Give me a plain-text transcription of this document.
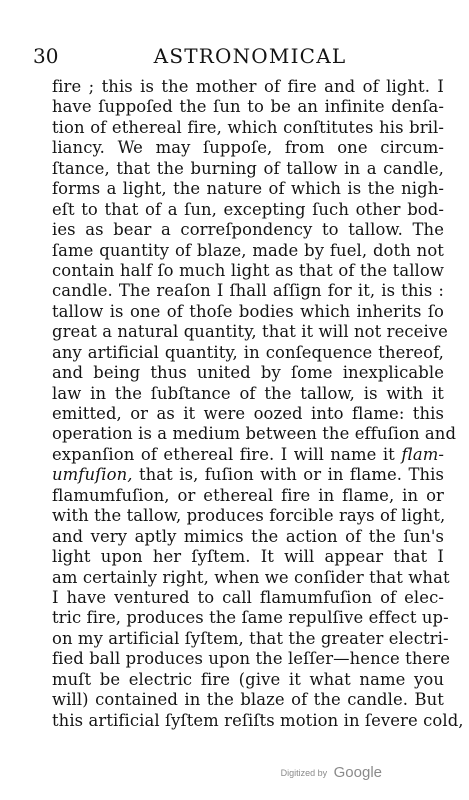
30	ASTRONOMICAL
fire ; this is the mother of fire and of light. I
have ſuppoſed the ſun to be an infinite denſa-
tion of ethereal fire, which conſtitutes his bril-
liancy. We may ſuppoſe, from one circum-
ſtance, that the burning of tallow in a candle,
forms a light, the nature of which is the nigh-
eſt to that of a ſun, excepting ſuch other bod-
ies as bear a correſpondency to tallow. The
ſame quantity of blaze, made by fuel, doth not
contain half ſo much light as that of the tallow
candle. The reaſon I ſhall aſſign for it, is this :
tallow is one of thoſe bodies which inherits ſo
great a natural quantity, that it will not receive
any artificial quantity, in conſequence thereof,
and being thus united by ſome inexplicable
law in the ſubſtance of the tallow, is with it
emitted, or as it were oozed into flame: this
operation is a medium between the effuſion and
expanſion of ethereal fire. I will name it flam-
umfuſion, that is, fuſion with or in flame. This
flamumfuſion, or ethereal fire in flame, in or
with the tallow, produces forcible rays of light,
and very aptly mimics the action of the ſun's
light upon her ſyſtem. It will appear that I
am certainly right, when we conſider that what
I have ventured to call flamumfuſion of elec-
tric fire, produces the ſame repulſive effect up-
on my artificial ſyſtem, that the greater electri-
fied ball produces upon the leſſer—hence there
muſt be electric fire (give it what name you
will) contained in the blaze of the candle. But
this artificial ſyſtem reſiſts motion in ſevere cold,
Digitized by Google
